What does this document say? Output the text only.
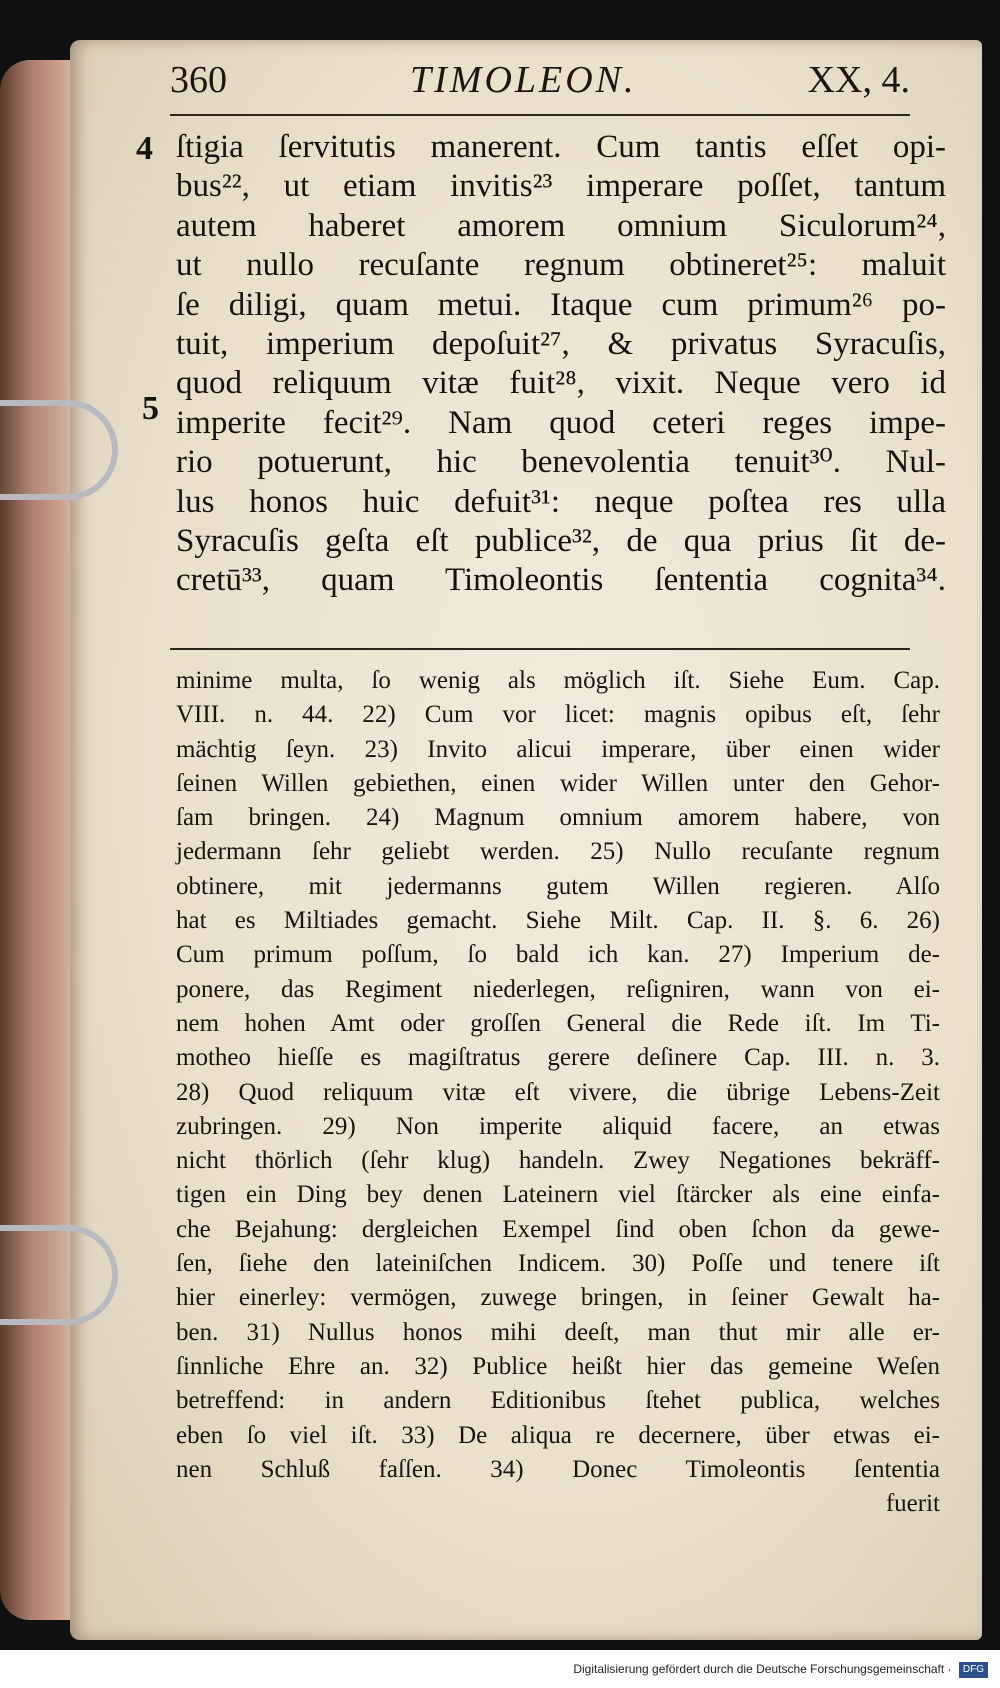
360	TIMOLEON.	XX, 4.
4
5
ſtigia ſervitutis manerent. Cum tantis eſſet opi-
bus²², ut etiam invitis²³ imperare poſſet, tantum
autem haberet amorem omnium Siculorum²⁴,
ut nullo recuſante regnum obtineret²⁵: maluit
ſe diligi, quam metui. Itaque cum primum²⁶ po-
tuit, imperium depoſuit²⁷, & privatus Syracuſis,
quod reliquum vitæ fuit²⁸, vixit. Neque vero id
imperite fecit²⁹. Nam quod ceteri reges impe-
rio potuerunt, hic benevolentia tenuit³⁰. Nul-
lus honos huic defuit³¹: neque poſtea res ulla
Syracuſis geſta eſt publice³², de qua prius ſit de-
cretū³³, quam Timoleontis ſententia cognita³⁴.
minime multa, ſo wenig als möglich iſt. Siehe Eum. Cap.
VIII. n. 44. 22) Cum vor licet: magnis opibus eſt, ſehr
mächtig ſeyn. 23) Invito alicui imperare, über einen wider
ſeinen Willen gebiethen, einen wider Willen unter den Gehor-
ſam bringen. 24) Magnum omnium amorem habere, von
jedermann ſehr geliebt werden. 25) Nullo recuſante regnum
obtinere, mit jedermanns gutem Willen regieren. Alſo
hat es Miltiades gemacht. Siehe Milt. Cap. II. §. 6. 26)
Cum primum poſſum, ſo bald ich kan. 27) Imperium de-
ponere, das Regiment niederlegen, reſigniren, wann von ei-
nem hohen Amt oder groſſen General die Rede iſt. Im Ti-
motheo hieſſe es magiſtratus gerere deſinere Cap. III. n. 3.
28) Quod reliquum vitæ eſt vivere, die übrige Lebens-Zeit
zubringen. 29) Non imperite aliquid facere, an etwas
nicht thörlich (ſehr klug) handeln. Zwey Negationes bekräff-
tigen ein Ding bey denen Lateinern viel ſtärcker als eine einfa-
che Bejahung: dergleichen Exempel ſind oben ſchon da gewe-
ſen, ſiehe den lateiniſchen Indicem. 30) Poſſe und tenere iſt
hier einerley: vermögen, zuwege bringen, in ſeiner Gewalt ha-
ben. 31) Nullus honos mihi deeſt, man thut mir alle er-
ſinnliche Ehre an. 32) Publice heißt hier das gemeine Weſen
betreffend: in andern Editionibus ſtehet publica, welches
eben ſo viel iſt. 33) De aliqua re decernere, über etwas ei-
nen Schluß faſſen. 34) Donec Timoleontis ſententia
fuerit
Digitalisierung gefördert durch die Deutsche Forschungsgemeinschaft · DFG
